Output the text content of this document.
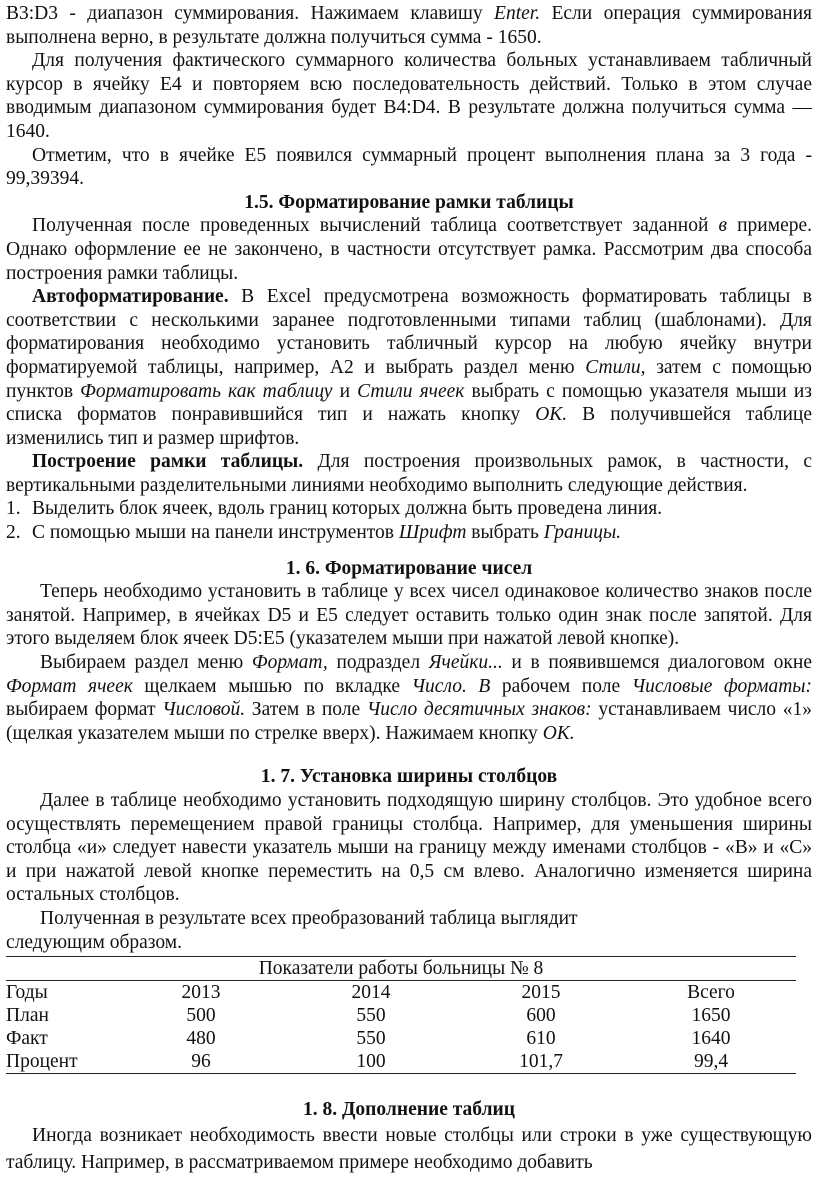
B3:D3 - диапазон суммирования. Нажимаем клавишу Enter. Если операция суммирования выполнена верно, в результате должна получиться сумма - 1650.

Для получения фактического суммарного количества больных устанавливаем табличный курсор в ячейку Е4 и повторяем всю последовательность действий. Только в этом случае вводимым диапазоном суммирования будет В4:D4. В результате должна получиться сумма — 1640.

Отметим, что в ячейке Е5 появился суммарный процент выполнения плана за 3 года - 99,39394.

1.5. Форматирование рамки таблицы

Полученная после проведенных вычислений таблица соответствует заданной в примере. Однако оформление ее не закончено, в частности отсутствует рамка. Рассмотрим два способа построения рамки таблицы.

Автоформатирование. В Excel предусмотрена возможность форматировать таблицы в соответствии с несколькими заранее подготовленными типами таблиц (шаблонами). Для форматирования необходимо установить табличный курсор на любую ячейку внутри форматируемой таблицы, например, А2 и выбрать раздел меню Стили, затем с помощью пунктов Форматировать как таблицу и Стили ячеек выбрать с помощью указателя мыши из списка форматов понравившийся тип и нажать кнопку ОК. В получившейся таблице изменились тип и размер шрифтов.

Построение рамки таблицы. Для построения произвольных рамок, в частности, с вертикальными разделительными линиями необходимо выполнить следующие действия.

1. Выделить блок ячеек, вдоль границ которых должна быть проведена линия.
2. С помощью мыши на панели инструментов Шрифт выбрать Границы.

1. 6. Форматирование чисел

Теперь необходимо установить в таблице у всех чисел одинаковое количество знаков после занятой. Например, в ячейках D5 и Е5 следует оставить только один знак после запятой. Для этого выделяем блок ячеек D5:E5 (указателем мыши при нажатой левой кнопке).

Выбираем раздел меню Формат, подраздел Ячейки... и в появившемся диалоговом окне Формат ячеек щелкаем мышью по вкладке Число. В рабочем поле Числовые форматы: выбираем формат Числовой. Затем в поле Число десятичных знаков: устанавливаем число «1» (щелкая указателем мыши по стрелке вверх). Нажимаем кнопку ОК.

1. 7. Установка ширины столбцов

Далее в таблице необходимо установить подходящую ширину столбцов. Это удобное всего осуществлять перемещением правой границы столбца. Например, для уменьшения ширины столбца «и» следует навести указатель мыши на границу между именами столбцов - «В» и «С» и при нажатой левой кнопке переместить на 0,5 см влево. Аналогично изменяется ширина остальных столбцов.

Полученная в результате всех преобразований таблица выглядит

следующим образом.

Показатели работы больницы № 8				
Годы	2013	2014	2015	Всего
План	500	550	600	1650
Факт	480	550	610	1640
Процент	96	100	101,7	99,4

1. 8. Дополнение таблиц

Иногда возникает необходимость ввести новые столбцы или строки в уже существующую таблицу. Например, в рассматриваемом примере необходимо добавить
